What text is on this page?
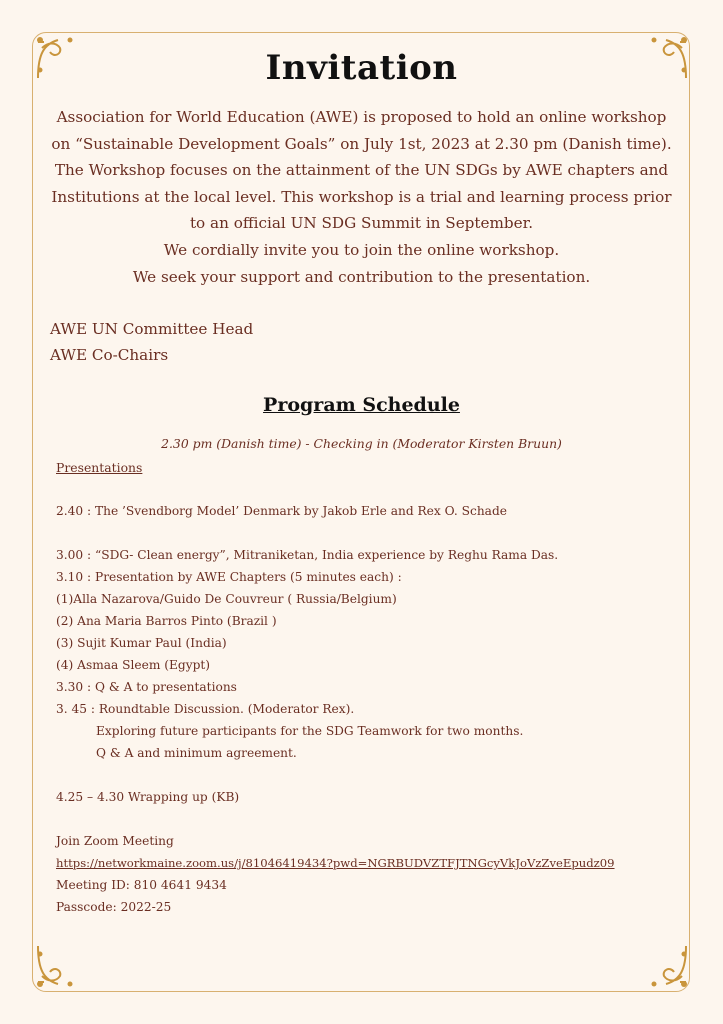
Invitation
Association for World Education (AWE) is proposed to hold an online workshop
on “Sustainable Development Goals” on July 1st, 2023 at 2.30 pm (Danish time).
The Workshop focuses on the attainment of the UN SDGs by AWE chapters and
Institutions at the local level. This workshop is a trial and learning process prior
to an official UN SDG Summit in September.
We cordially invite you to join the online workshop.
We seek your support and contribution to the presentation.
AWE UN Committee Head
AWE Co-Chairs
Program Schedule
2.30 pm (Danish time) - Checking in (Moderator Kirsten Bruun)
Presentations
2.40 : The ’Svendborg Model’ Denmark by Jakob Erle and Rex O. Schade
3.00 : “SDG- Clean energy”, Mitraniketan, India experience by Reghu Rama Das.
3.10 : Presentation by AWE Chapters (5 minutes each) :
(1)Alla Nazarova/Guido De Couvreur ( Russia/Belgium)
(2) Ana Maria Barros Pinto (Brazil )
(3) Sujit Kumar Paul (India)
(4) Asmaa Sleem (Egypt)
3.30 : Q & A to presentations
3. 45 : Roundtable Discussion. (Moderator Rex).
Exploring future participants for the SDG Teamwork for two months.
Q & A and minimum agreement.
4.25 – 4.30 Wrapping up (KB)
Join Zoom Meeting
https://networkmaine.zoom.us/j/81046419434?pwd=NGRBUDVZTFJTNGcyVkJoVzZveEpudz09
Meeting ID: 810 4641 9434
Passcode: 2022-25
